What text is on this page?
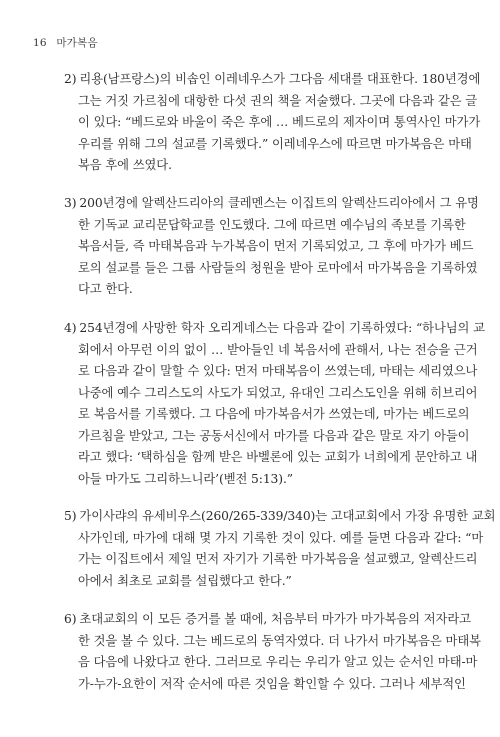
16 마가복음
2) 리용(남프랑스)의 비솝인 이레네우스가 그다음 세대를 대표한다. 180년경에
그는 거짓 가르침에 대항한 다섯 권의 책을 저술했다. 그곳에 다음과 같은 글
이 있다: “베드로와 바울이 죽은 후에 … 베드로의 제자이며 통역사인 마가가
우리를 위해 그의 설교를 기록했다.” 이레네우스에 따르면 마가복음은 마태
복음 후에 쓰였다.
3) 200년경에 알렉산드리아의 클레멘스는 이집트의 알렉산드리아에서 그 유명
한 기독교 교리문답학교를 인도했다. 그에 따르면 예수님의 족보를 기록한
복음서들, 즉 마태복음과 누가복음이 먼저 기록되었고, 그 후에 마가가 베드
로의 설교를 들은 그룹 사람들의 청원을 받아 로마에서 마가복음을 기록하였
다고 한다.
4) 254년경에 사망한 학자 오리게네스는 다음과 같이 기록하였다: “하나님의 교
회에서 아무런 이의 없이 … 받아들인 네 복음서에 관해서, 나는 전승을 근거
로 다음과 같이 말할 수 있다: 먼저 마태복음이 쓰였는데, 마태는 세리였으나
나중에 예수 그리스도의 사도가 되었고, 유대인 그리스도인을 위해 히브리어
로 복음서를 기록했다. 그 다음에 마가복음서가 쓰였는데, 마가는 베드로의
가르침을 받았고, 그는 공동서신에서 마가를 다음과 같은 말로 자기 아들이
라고 했다: ‘택하심을 함께 받은 바벨론에 있는 교회가 너희에게 문안하고 내
아들 마가도 그리하느니라’(벧전 5:13).”
5) 가이사랴의 유세비우스(260/265-339/340)는 고대교회에서 가장 유명한 교회
사가인데, 마가에 대해 몇 가지 기록한 것이 있다. 예를 들면 다음과 같다: “마
가는 이집트에서 제일 먼저 자기가 기록한 마가복음을 설교했고, 알렉산드리
아에서 최초로 교회를 설립했다고 한다.”
6) 초대교회의 이 모든 증거를 볼 때에, 처음부터 마가가 마가복음의 저자라고
한 것을 볼 수 있다. 그는 베드로의 동역자였다. 더 나가서 마가복음은 마태복
음 다음에 나왔다고 한다. 그러므로 우리는 우리가 알고 있는 순서인 마태-마
가-누가-요한이 저작 순서에 따른 것임을 확인할 수 있다. 그러나 세부적인
